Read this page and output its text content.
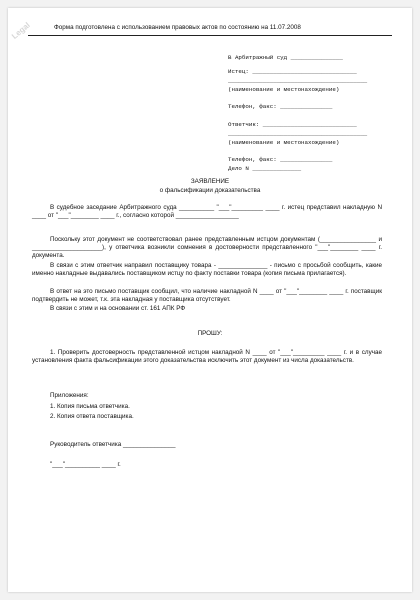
Legal	Форма подготовлена с использованием правовых актов по состоянию на 11.07.2008
В Арбитражный суд _______________
Истец: ______________________________
________________________________________
(наименование и местонахождение)
Телефон, факс: _______________
Ответчик: ___________________________
________________________________________
(наименование и местонахождение)
Телефон, факс: _______________
Дело N ______________
ЗАЯВЛЕНИЕ
о фальсификации доказательства
В судебное заседание Арбитражного суда __________ "___"_________ ____ г. истец представил накладную N ____ от "___"________ ____ г., согласно которой __________________
Поскольку этот документ не соответствовал ранее представленным истцом документам (________________ и ____________________), у ответчика возникли сомнения в достоверности представленного "___"________ ____ г. документа.
В связи с этим ответчик направил поставщику товара - ______________ - письмо с просьбой сообщить, какие именно накладные выдавались поставщиком истцу по факту поставки товара (копия письма прилагается).
В ответ на это письмо поставщик сообщил, что наличие накладной N ____ от "___"________ ____ г. поставщик подтвердить не может, т.к. эта накладная у поставщика отсутствует.
В связи с этим и на основании ст. 161 АПК РФ
ПРОШУ:
1. Проверить достоверность представленной истцом накладной N ____ от "___"_________ ____ г. и в случае установления факта фальсификации этого доказательства исключить этот документ из числа доказательств.
Приложения:
1. Копия письма ответчика.
2. Копия ответа поставщика.
Руководитель ответчика _______________
"___"__________ ____ г.
